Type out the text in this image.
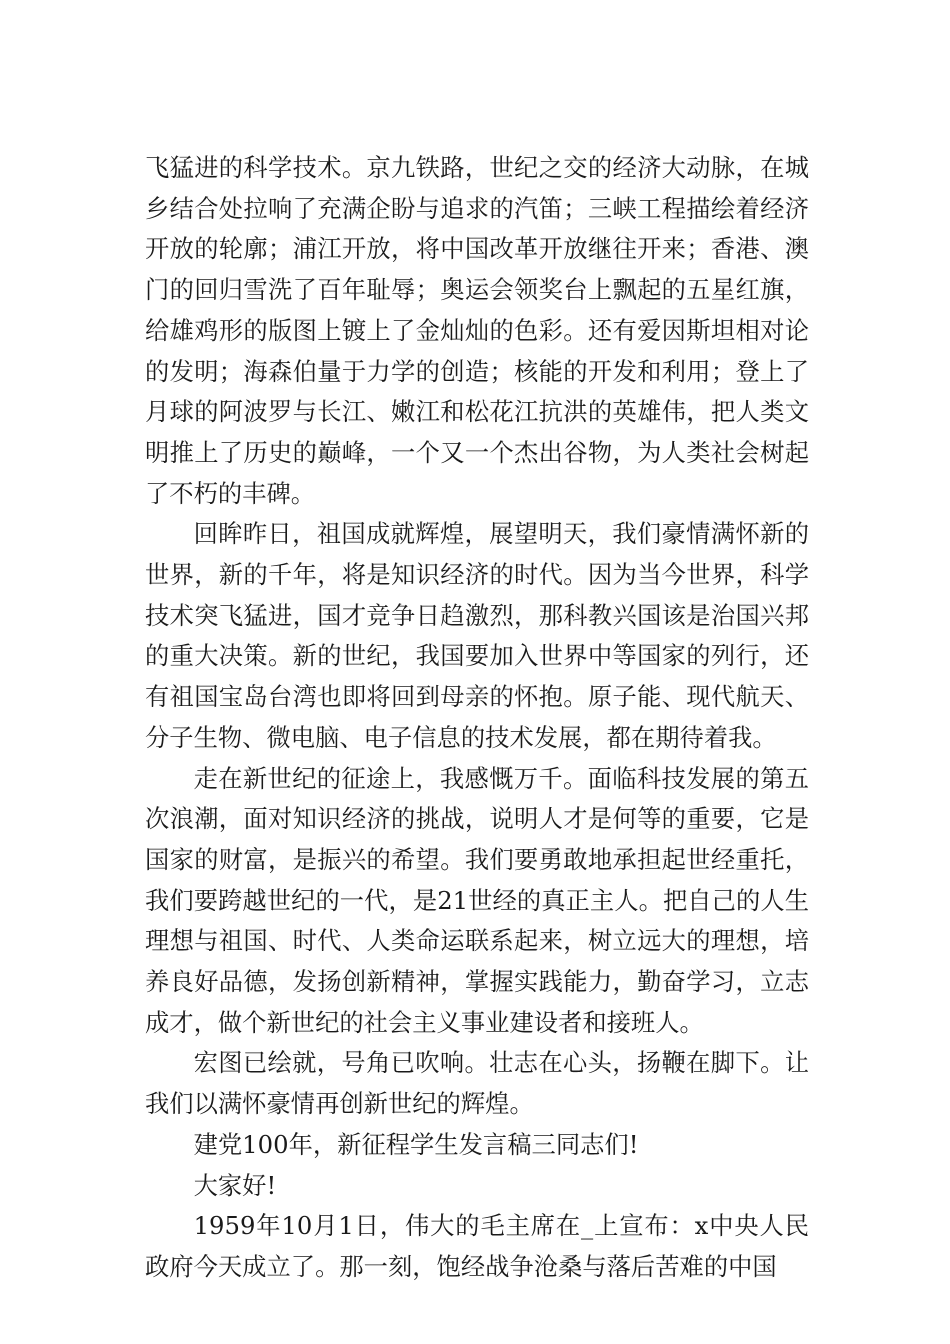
飞猛进的科学技术。京九铁路，世纪之交的经济大动脉，在城乡结合处拉响了充满企盼与追求的汽笛；三峡工程描绘着经济开放的轮廓；浦江开放，将中国改革开放继往开来；香港、澳门的回归雪洗了百年耻辱；奥运会领奖台上飘起的五星红旗，给雄鸡形的版图上镀上了金灿灿的色彩。还有爱因斯坦相对论的发明；海森伯量于力学的创造；核能的开发和利用；登上了月球的阿波罗与长江、嫩江和松花江抗洪的英雄伟，把人类文明推上了历史的巅峰，一个又一个杰出谷物，为人类社会树起了不朽的丰碑。

回眸昨日，祖国成就辉煌，展望明天，我们豪情满怀新的世界，新的千年，将是知识经济的时代。因为当今世界，科学技术突飞猛进，国才竞争日趋激烈，那科教兴国该是治国兴邦的重大决策。新的世纪，我国要加入世界中等国家的列行，还有祖国宝岛台湾也即将回到母亲的怀抱。原子能、现代航天、分子生物、微电脑、电子信息的技术发展，都在期待着我。

走在新世纪的征途上，我感慨万千。面临科技发展的第五次浪潮，面对知识经济的挑战，说明人才是何等的重要，它是国家的财富，是振兴的希望。我们要勇敢地承担起世经重托，我们要跨越世纪的一代，是21世经的真正主人。把自己的人生理想与祖国、时代、人类命运联系起来，树立远大的理想，培养良好品德，发扬创新精神，掌握实践能力，勤奋学习，立志成才，做个新世纪的社会主义事业建设者和接班人。

宏图已绘就，号角已吹响。壮志在心头，扬鞭在脚下。让我们以满怀豪情再创新世纪的辉煌。

建党100年，新征程学生发言稿三同志们!

大家好!

1959年10月1日，伟大的毛主席在_上宣布：x中央人民政府今天成立了。那一刻，饱经战争沧桑与落后苦难的中国
